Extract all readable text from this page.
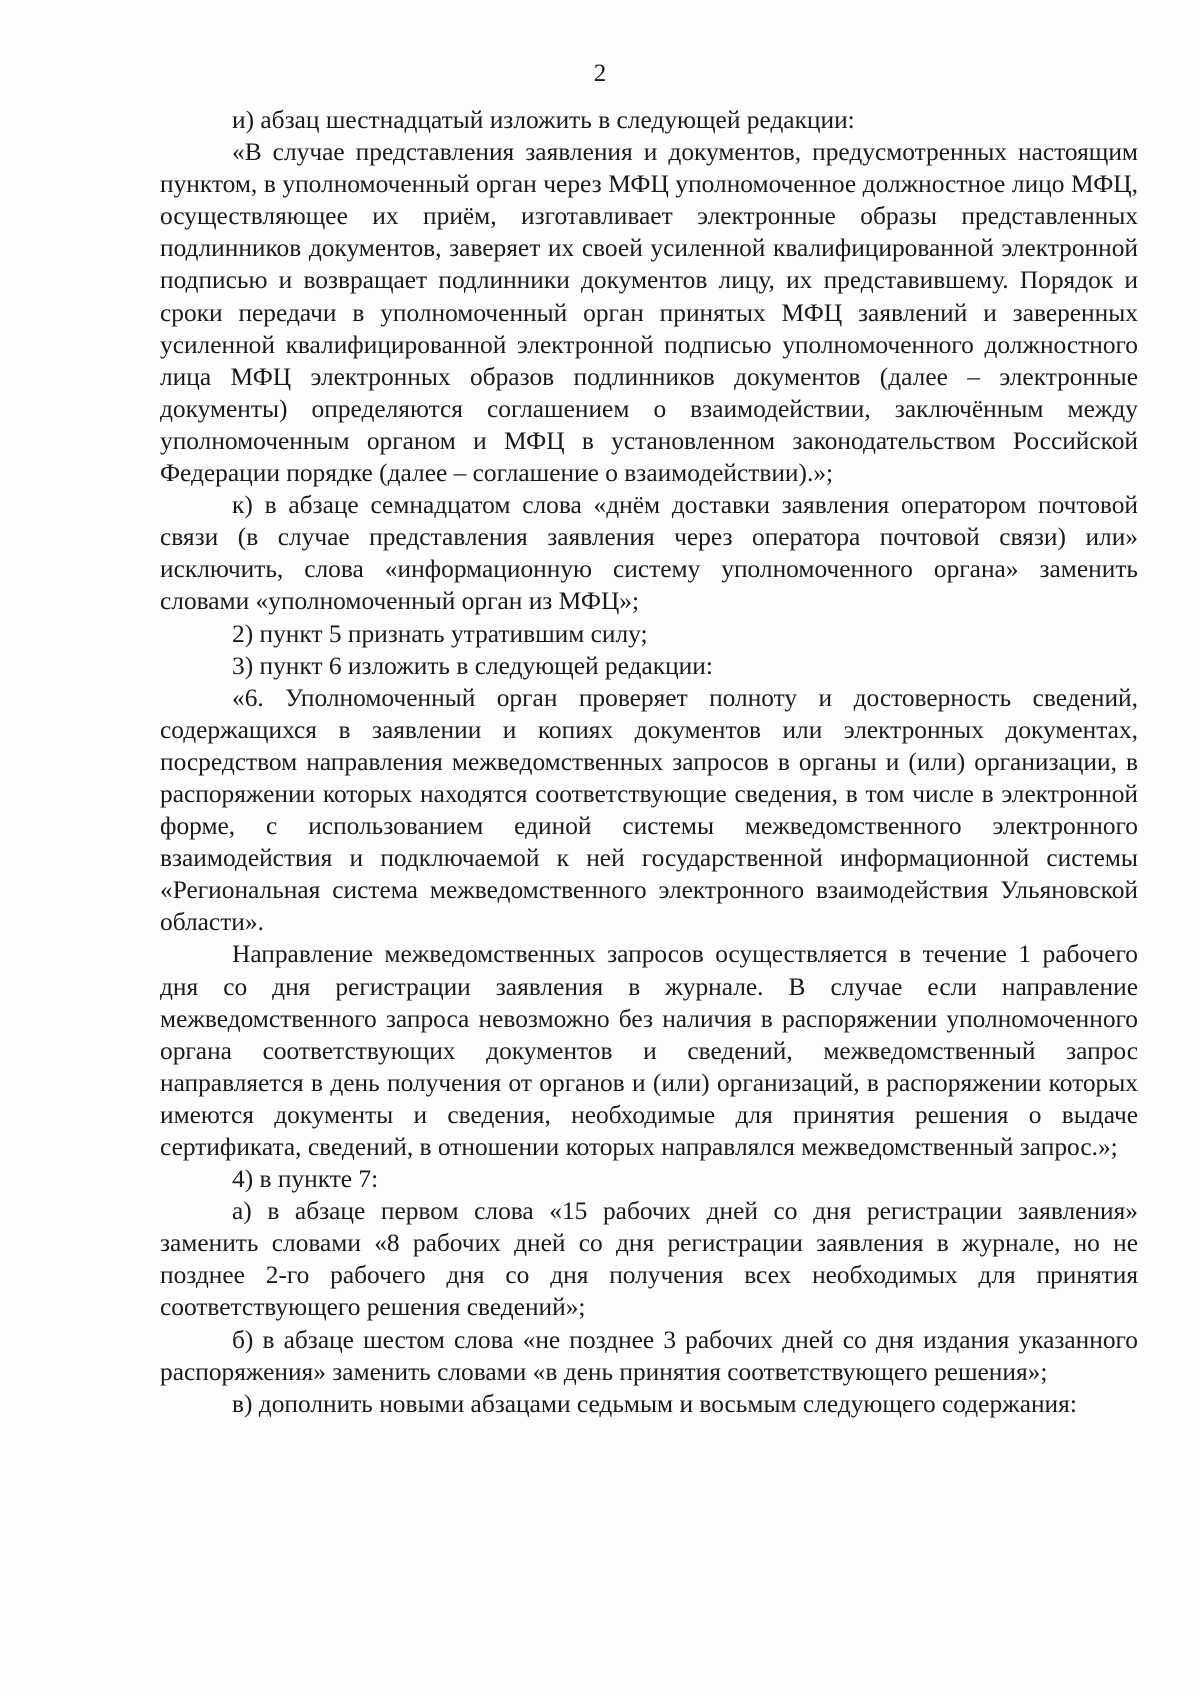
2

и) абзац шестнадцатый изложить в следующей редакции:

«В случае представления заявления и документов, предусмотренных настоящим пунктом, в уполномоченный орган через МФЦ уполномоченное должностное лицо МФЦ, осуществляющее их приём, изготавливает электронные образы представленных подлинников документов, заверяет их своей усиленной квалифицированной электронной подписью и возвращает подлинники документов лицу, их представившему. Порядок и сроки передачи в уполномоченный орган принятых МФЦ заявлений и заверенных усиленной квалифицированной электронной подписью уполномоченного должностного лица МФЦ электронных образов подлинников документов (далее – электронные документы) определяются соглашением о взаимодействии, заключённым между уполномоченным органом и МФЦ в установленном законодательством Российской Федерации порядке (далее – соглашение о взаимодействии).»;

к) в абзаце семнадцатом слова «днём доставки заявления оператором почтовой связи (в случае представления заявления через оператора почтовой связи) или» исключить, слова «информационную систему уполномоченного органа» заменить словами «уполномоченный орган из МФЦ»;

2) пункт 5 признать утратившим силу;

3) пункт 6 изложить в следующей редакции:

«6. Уполномоченный орган проверяет полноту и достоверность сведений, содержащихся в заявлении и копиях документов или электронных документах, посредством направления межведомственных запросов в органы и (или) организации, в распоряжении которых находятся соответствующие сведения, в том числе в электронной форме, с использованием единой системы межведомственного электронного взаимодействия и подключаемой к ней государственной информационной системы «Региональная система межведомственного электронного взаимодействия Ульяновской области».

Направление межведомственных запросов осуществляется в течение 1 рабочего дня со дня регистрации заявления в журнале. В случае если направление межведомственного запроса невозможно без наличия в распоряжении уполномоченного органа соответствующих документов и сведений, межведомственный запрос направляется в день получения от органов и (или) организаций, в распоряжении которых имеются документы и сведения, необходимые для принятия решения о выдаче сертификата, сведений, в отношении которых направлялся межведомственный запрос.»;

4) в пункте 7:

а) в абзаце первом слова «15 рабочих дней со дня регистрации заявления» заменить словами «8 рабочих дней со дня регистрации заявления в журнале, но не позднее 2-го рабочего дня со дня получения всех необходимых для принятия соответствующего решения сведений»;

б) в абзаце шестом слова «не позднее 3 рабочих дней со дня издания указанного распоряжения» заменить словами «в день принятия соответствующего решения»;

в) дополнить новыми абзацами седьмым и восьмым следующего содержания:
